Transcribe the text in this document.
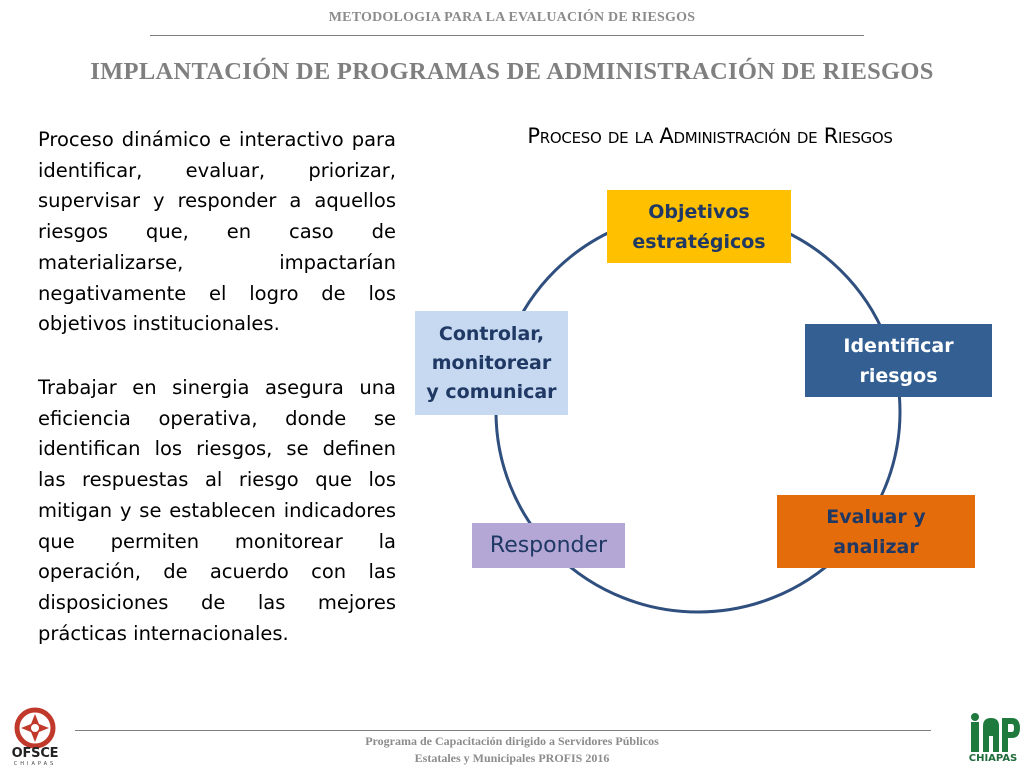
METODOLOGIA PARA LA EVALUACIÓN DE RIESGOS
IMPLANTACIÓN DE PROGRAMAS DE ADMINISTRACIÓN DE RIESGOS

Proceso dinámico e interactivo para identificar, evaluar, priorizar, supervisar y responder a aquellos riesgos que, en caso de materializarse, impactarían negativamente el logro de los objetivos institucionales.

Trabajar en sinergia asegura una eficiencia operativa, donde se identifican los riesgos, se definen las respuestas al riesgo que los mitigan y se establecen indicadores que permiten monitorear la operación, de acuerdo con las disposiciones de las mejores prácticas internacionales.

Proceso de la Administración de Riesgos
Objetivos
estratégicos
Identificar
riesgos
Evaluar y
analizar
Responder
Controlar,
monitorear
y comunicar
Programa de Capacitación dirigido a Servidores Públicos
Estatales y Municipales PROFIS 2016
OFSCE
CHIAPAS	CHIAPAS
